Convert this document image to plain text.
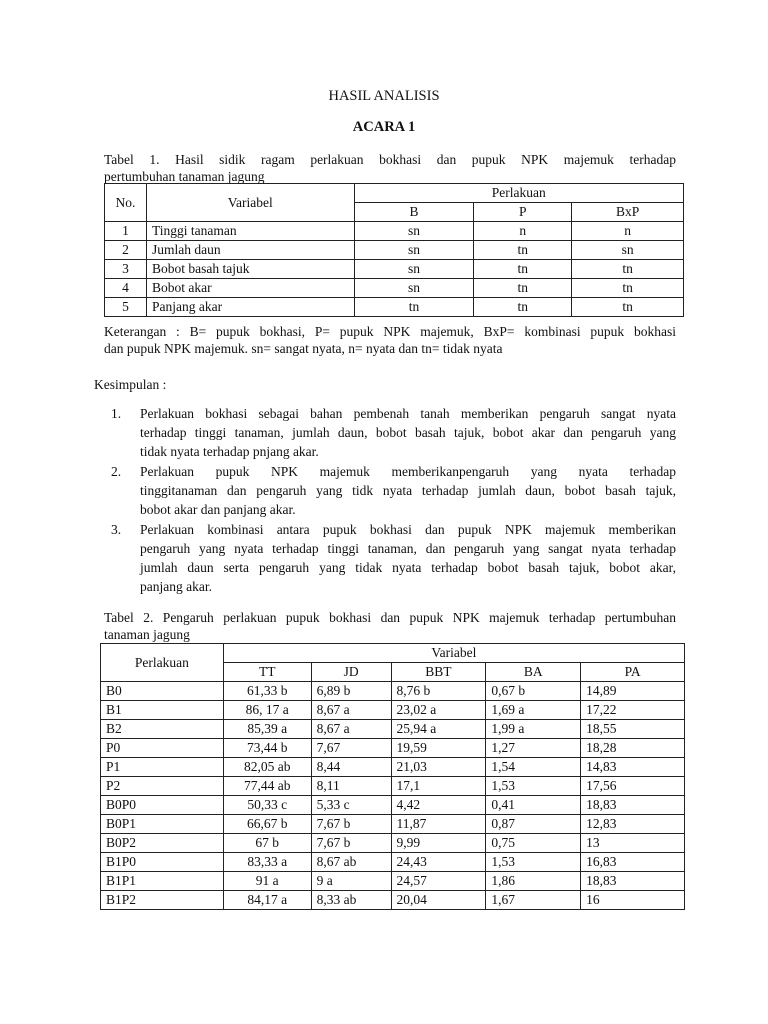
HASIL ANALISIS
ACARA 1
Tabel 1. Hasil sidik ragam perlakuan bokhasi dan pupuk NPK majemuk terhadap
pertumbuhan tanaman jagung
No.	Variabel	Perlakuan		
		B	P	BxP
1	Tinggi tanaman	sn	n	n
2	Jumlah daun	sn	tn	sn
3	Bobot basah tajuk	sn	tn	tn
4	Bobot akar	sn	tn	tn
5	Panjang akar	tn	tn	tn
Keterangan : B= pupuk bokhasi, P= pupuk NPK majemuk, BxP= kombinasi pupuk bokhasi
dan pupuk NPK majemuk. sn= sangat nyata, n= nyata dan tn= tidak nyata
Kesimpulan :
1. Perlakuan bokhasi sebagai bahan pembenah tanah memberikan pengaruh sangat nyata
terhadap tinggi tanaman, jumlah daun, bobot basah tajuk, bobot akar dan pengaruh yang
tidak nyata terhadap pnjang akar.
2. Perlakuan pupuk NPK majemuk memberikanpengaruh yang nyata terhadap
tinggitanaman dan pengaruh yang tidk nyata terhadap jumlah daun, bobot basah tajuk,
bobot akar dan panjang akar.
3. Perlakuan kombinasi antara pupuk bokhasi dan pupuk NPK majemuk memberikan
pengaruh yang nyata terhadap tinggi tanaman, dan pengaruh yang sangat nyata terhadap
jumlah daun serta pengaruh yang tidak nyata terhadap bobot basah tajuk, bobot akar,
panjang akar.
Tabel 2. Pengaruh perlakuan pupuk bokhasi dan pupuk NPK majemuk terhadap pertumbuhan
tanaman jagung
Perlakuan	Variabel				
	TT	JD	BBT	BA	PA
B0	61,33 b	6,89 b	8,76 b	0,67 b	14,89
B1	86, 17 a	8,67 a	23,02 a	1,69 a	17,22
B2	85,39 a	8,67 a	25,94 a	1,99 a	18,55
P0	73,44 b	7,67	19,59	1,27	18,28
P1	82,05 ab	8,44	21,03	1,54	14,83
P2	77,44 ab	8,11	17,1	1,53	17,56
B0P0	50,33 c	5,33 c	4,42	0,41	18,83
B0P1	66,67 b	7,67 b	11,87	0,87	12,83
B0P2	67 b	7,67 b	9,99	0,75	13
B1P0	83,33 a	8,67 ab	24,43	1,53	16,83
B1P1	91 a	9 a	24,57	1,86	18,83
B1P2	84,17 a	8,33 ab	20,04	1,67	16
